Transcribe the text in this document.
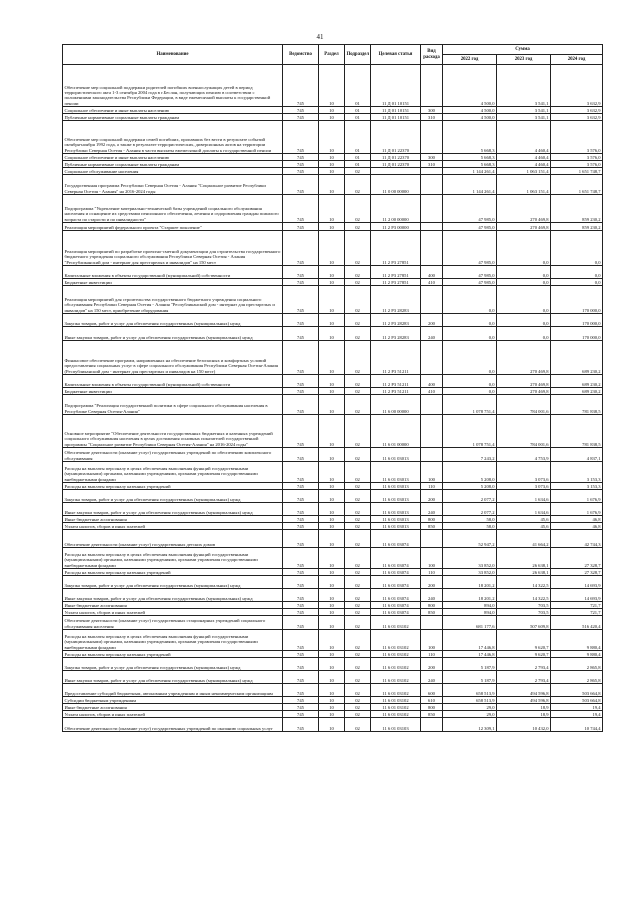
41
Наименование	Ведомство	Раздел	Подраздел	Целевая статья	Вид расхода	Сумма		
						2022 год	2023 год	2024 год
Обеспечение мер социальной поддержки родителей погибших военнослужащих детей в период террористического акта 1-3 сентября 2004 года в г.Беслан, получающих пенсию в соответствии с положениями законодательства Республики Федерации, в виде ежемесячной выплаты к государственной пенсии	745	10	01	11 Д 01 10151		4 500,0	3 541,1	3 632,9
Социальное обеспечение и иные выплаты населению	745	10	01	11 Д 01 10151	300	4 500,0	3 541,1	3 632,9
Публичные нормативные социальные выплаты гражданам	745	10	01	11 Д 01 10151	310	4 500,0	3 541,1	3 632,9
Обеспечение мер социальной поддержки семей погибших, пропавших без вести в результате событий октября-ноября 1992 года, а также в результате террористических, диверсионных актов на территории Республики Северная Осетия - Алания в части выплаты ежемесячной доплаты к государственной пенсии	745	10	01	11 Д 01 22370		5 668,3	4 460,4	3 576,0
Социальное обеспечение и иные выплаты населению	745	10	01	11 Д 01 22370	300	5 668,3	4 460,4	3 576,0
Публичные нормативные социальные выплаты гражданам	745	10	01	11 Д 01 22370	310	5 668,3	4 460,4	3 576,0
Социальное обслуживание населения	745	10	02			1 144 261,4	1 063 151,4	1 651 748,7
Государственная программа Республики Северная Осетия - Алания "Социальное развитие Республики Северная Осетия - Алания" на 2016-2024 годы	745	10	02	11 0 00 00000		1 144 261,4	1 063 151,4	1 651 748,7
Подпрограмма "Укрепление материально-технической базы учреждений социального обслуживания населения и оснащение их средствами пенсионного обеспечения, лечения и оздоровления граждан пожилого возраста по старости и по инвалидности"	745	10	02	11 2 00 00000		47 985,0	270 469,8	859 230,2
Реализация мероприятий федерального проекта "Старшее поколение"	745	10	02	11 2 P3 00000		47 985,0	270 469,8	859 230,2
Реализация мероприятий по разработке проектно-сметной документации для строительства государственного бюджетного учреждения социального обслуживания Республики Северная Осетия - Алания "Республиканский дом - интернат для престарелых и инвалидов" на 150 мест	745	10	02	11 2 P3 27851		47 985,0	0,0	0,0
Капитальные вложения в объекты государственной (муниципальной) собственности	745	10	02	11 2 P3 27851	400	47 985,0	0,0	0,0
Бюджетные инвестиции	745	10	02	11 2 P3 27851	410	47 985,0	0,0	0,0
Реализация мероприятий для строительства государственного бюджетного учреждения социального обслуживания Республики Северная Осетия - Алания "Республиканский дом - интернат для престарелых и инвалидов" на 150 мест, приобретение оборудования	745	10	02	11 2 P3 28283		0,0	0,0	170 000,0
Закупка товаров, работ и услуг для обеспечения государственных (муниципальных) нужд	745	10	02	11 2 P3 28283	200	0,0	0,0	170 000,0
Иные закупки товаров, работ и услуг для обеспечения государственных (муниципальных) нужд	745	10	02	11 2 P3 28283	240	0,0	0,0	170 000,0
Финансовое обеспечение программ, направленных на обеспечение безопасных и комфортных условий предоставления социальных услуг в сфере социального обслуживания Республики Северная Осетия-Алания (Республиканский дом - интернат для престарелых и инвалидов на 150 мест)	745	10	02	11 2 P3 51211		0,0	270 469,8	689 230,2
Капитальные вложения в объекты государственной (муниципальной) собственности	745	10	02	11 2 P3 51211	400	0,0	270 469,8	689 230,2
Бюджетные инвестиции	745	10	02	11 2 P3 51211	410	0,0	270 469,8	689 230,2
Подпрограмма "Реализация государственной политики в сфере социального обслуживания населения в Республике Северная Осетия-Алания"	745	10	02	11 6 00 00000		1 078 751,4	784 001,6	781 838,5
Основное мероприятие "Обеспечение деятельности государственных бюджетных и казенных учреждений социального обслуживания населения в целях достижения основных показателей государственной программы "Социальное развитие Республики Северная Осетия-Алания" на 2016-2024 годы"	745	10	02	11 6 01 00000		1 078 751,4	784 001,6	781 838,5
Обеспечение деятельности (оказание услуг) государственных учреждений по обеспечению комплексного обслуживания	745	10	02	11 6 01 03013		7 243,2	4 753,9	4 837,1
Расходы на выплаты персоналу в целях обеспечения выполнения функций государственными (муниципальными) органами, казенными учреждениями, органами управления государственными внебюджетными фондами	745	10	02	11 6 01 03013	100	5 208,0	3 073,6	3 153,3
Расходы на выплаты персоналу казенных учреждений	745	10	02	11 6 01 03013	110	5 208,0	3 073,6	3 153,3
Закупка товаров, работ и услуг для обеспечения государственных (муниципальных) нужд	745	10	02	11 6 01 03013	200	2 077,2	1 634,6	1 676,9
Иные закупки товаров, работ и услуг для обеспечения государственных (муниципальных) нужд	745	10	02	11 6 01 03013	240	2 077,2	1 634,6	1 676,9
Иные бюджетные ассигнования	745	10	02	11 6 01 03013	800	58,0	45,6	46,8
Уплата налогов, сборов и иных платежей	745	10	02	11 6 01 03013	850	58,0	45,6	46,8
Обеспечение деятельности (оказание услуг) государственных детских домов	745	10	02	11 6 01 03074		52 947,2	41 664,2	42 744,3
Расходы на выплаты персоналу в целях обеспечения выполнения функций государственными (муниципальными) органами, казенными учреждениями, органами управления государственными внебюджетными фондами	745	10	02	11 6 01 03074	100	33 852,0	26 638,1	27 328,7
Расходы на выплаты персоналу казенных учреждений	745	10	02	11 6 01 03074	110	33 852,0	26 638,1	27 328,7
Закупка товаров, работ и услуг для обеспечения государственных (муниципальных) нужд	745	10	02	11 6 01 03074	200	18 201,2	14 322,5	14 693,9
Иные закупки товаров, работ и услуг для обеспечения государственных (муниципальных) нужд	745	10	02	11 6 01 03074	240	18 201,2	14 322,5	14 693,9
Иные бюджетные ассигнования	745	10	02	11 6 01 03074	800	894,0	703,5	721,7
Уплата налогов, сборов и иных платежей	745	10	02	11 6 01 03074	850	894,0	703,5	721,7
Обеспечение деятельности (оказание услуг) государственных стационарных учреждений социального обслуживания населения	745	10	02	11 6 01 03102		681 177,6	507 609,8	516 420,4
Расходы на выплаты персоналу в целях обеспечения выполнения функций государственными (муниципальными) органами, казенными учреждениями, органами управления государственными внебюджетными фондами	745	10	02	11 6 01 03102	100	17 446,8	9 620,7	9 880,4
Расходы на выплаты персоналу казенных учреждений	745	10	02	11 6 01 03102	110	17 446,8	9 620,7	9 880,4
Закупка товаров, работ и услуг для обеспечения государственных (муниципальных) нужд	745	10	02	11 6 01 03102	200	5 187,9	2 793,4	2 865,8
Иные закупки товаров, работ и услуг для обеспечения государственных (муниципальных) нужд	745	10	02	11 6 01 03102	240	5 187,9	2 793,4	2 865,8
Предоставление субсидий бюджетным, автономным учреждениям и иным некоммерческим организациям	745	10	02	11 6 01 03102	600	658 513,9	494 596,8	503 664,8
Субсидии бюджетным учреждениям	745	10	02	11 6 01 03102	610	658 513,9	494 596,8	503 664,8
Иные бюджетные ассигнования	745	10	02	11 6 01 03102	800	29,0	18,9	19,4
Уплата налогов, сборов и иных платежей	745	10	02	11 6 01 03102	850	29,0	18,9	19,4
Обеспечение деятельности (оказание услуг) государственных учреждений по оказанию социальных услуг	745	10	02	11 6 01 03103		12 309,1	10 432,0	10 744,4
